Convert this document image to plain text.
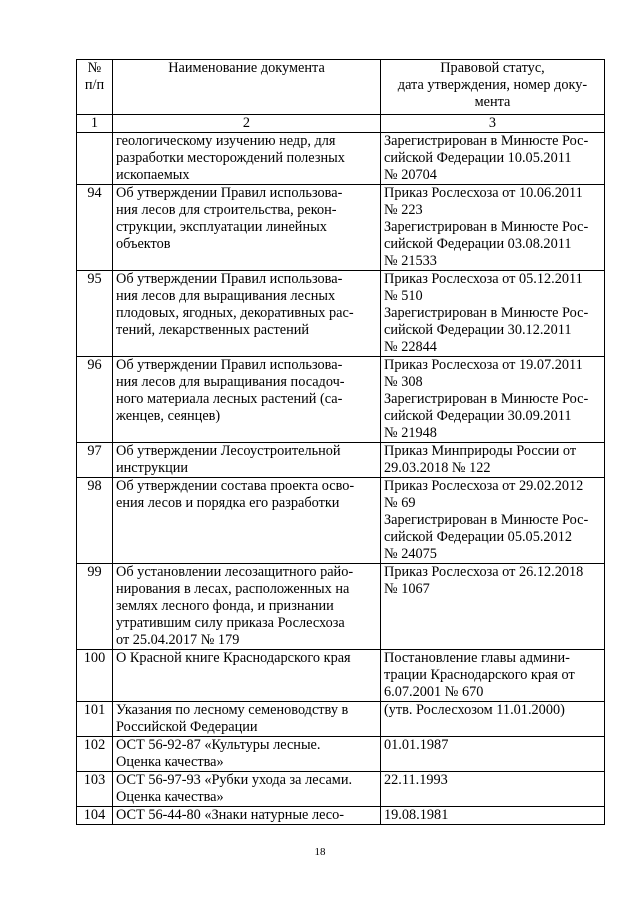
№
п/п	Наименование документа	Правовой статус,
дата утверждения, номер доку-
мента

1	2	3

	геологическому изучению недр, для
разработки месторождений полезных
ископаемых	Зарегистрирован в Минюсте Рос-
сийской Федерации 10.05.2011
№ 20704

94	Об утверждении Правил использова-
ния лесов для строительства, рекон-
струкции, эксплуатации линейных
объектов	Приказ Рослесхоза от 10.06.2011
№ 223
Зарегистрирован в Минюсте Рос-
сийской Федерации 03.08.2011
№ 21533

95	Об утверждении Правил использова-
ния лесов для выращивания лесных
плодовых, ягодных, декоративных рас-
тений, лекарственных растений	Приказ Рослесхоза от 05.12.2011
№ 510
Зарегистрирован в Минюсте Рос-
сийской Федерации 30.12.2011
№ 22844

96	Об утверждении Правил использова-
ния лесов для выращивания посадоч-
ного материала лесных растений (са-
женцев, сеянцев)	Приказ Рослесхоза от 19.07.2011
№ 308
Зарегистрирован в Минюсте Рос-
сийской Федерации 30.09.2011
№ 21948

97	Об утверждении Лесоустроительной
инструкции	Приказ Минприроды России от
29.03.2018 № 122

98	Об утверждении состава проекта осво-
ения лесов и порядка его разработки	Приказ Рослесхоза от 29.02.2012
№ 69
Зарегистрирован в Минюсте Рос-
сийской Федерации 05.05.2012
№ 24075

99	Об установлении лесозащитного райо-
нирования в лесах, расположенных на
землях лесного фонда, и признании
утратившим силу приказа Рослесхоза
от 25.04.2017 № 179	Приказ Рослесхоза от 26.12.2018
№ 1067

100	О Красной книге Краснодарского края	Постановление главы админи-
трации Краснодарского края от
6.07.2001 № 670

101	Указания по лесному семеноводству в
Российской Федерации	(утв. Рослесхозом 11.01.2000)

102	ОСТ 56-92-87 «Культуры лесные.
Оценка качества»	01.01.1987

103	ОСТ 56-97-93 «Рубки ухода за лесами.
Оценка качества»	22.11.1993

104	ОСТ 56-44-80 «Знаки натурные лесо-	19.08.1981
18
